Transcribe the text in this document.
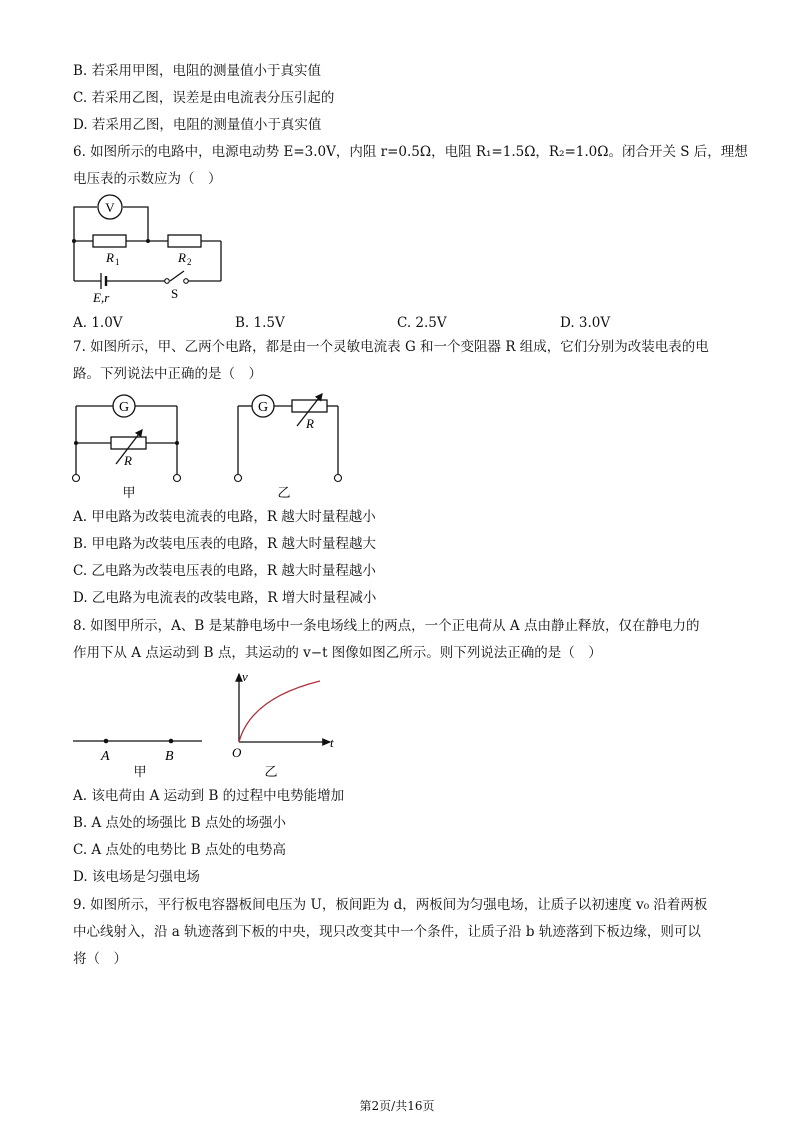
B. 若采用甲图，电阻的测量值小于真实值
C. 若采用乙图，误差是由电流表分压引起的
D. 若采用乙图，电阻的测量值小于真实值
6. 如图所示的电路中，电源电动势 E=3.0V，内阻 r=0.5Ω，电阻 R₁=1.5Ω，R₂=1.0Ω。闭合开关 S 后，理想
电压表的示数应为（　）
V
R 1	R 2
E,r	S
A. 1.0V	B. 1.5V	C. 2.5V	D. 3.0V
7. 如图所示，甲、乙两个电路，都是由一个灵敏电流表 G 和一个变阻器 R 组成，它们分别为改装电表的电
路。下列说法中正确的是（　）
G
R
G
R
甲	乙
A. 甲电路为改装电流表的电路，R 越大时量程越小
B. 甲电路为改装电压表的电路，R 越大时量程越大
C. 乙电路为改装电压表的电路，R 越大时量程越小
D. 乙电路为电流表的改装电路，R 增大时量程减小
8. 如图甲所示，A、B 是某静电场中一条电场线上的两点，一个正电荷从 A 点由静止释放，仅在静电力的
作用下从 A 点运动到 B 点，其运动的 v−t 图像如图乙所示。则下列说法正确的是（　）
A	B
甲
v
t
O
乙
A. 该电荷由 A 运动到 B 的过程中电势能增加
B. A 点处的场强比 B 点处的场强小
C. A 点处的电势比 B 点处的电势高
D. 该电场是匀强电场
9. 如图所示，平行板电容器板间电压为 U，板间距为 d，两板间为匀强电场，让质子以初速度 v₀ 沿着两板
中心线射入，沿 a 轨迹落到下板的中央，现只改变其中一个条件，让质子沿 b 轨迹落到下板边缘，则可以
将（　）
第2页/共16页
